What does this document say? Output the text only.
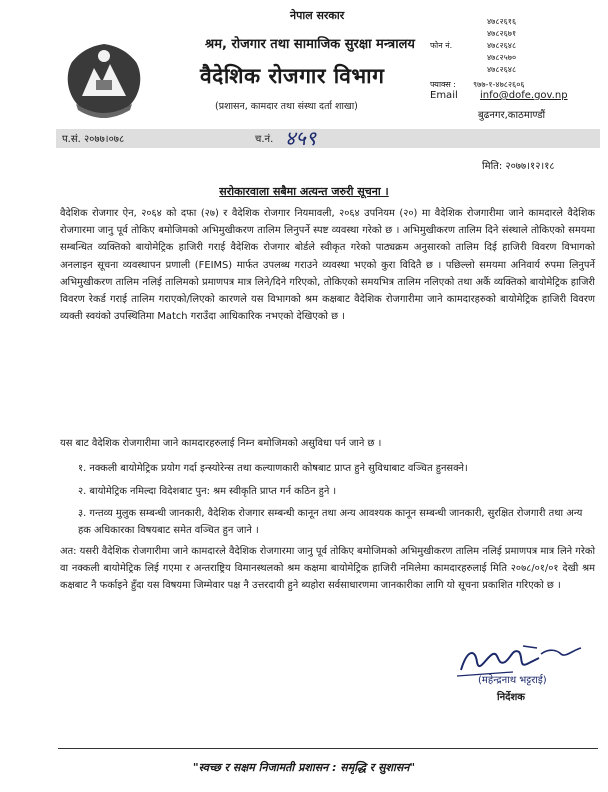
नेपाल सरकार
श्रम, रोजगार तथा सामाजिक सुरक्षा मन्त्रालय
वैदेशिक रोजगार विभाग
(प्रशासन, कामदार तथा संस्था दर्ता शाखा)
फोन नं.
४७८२६१६
४७८२६७१
४७८२६४८
४७८२५७०
४७८२६४८
फ्याक्स : ९७७-१-४७८२६०६
Email info@dofe.gov.np
बुढनगर,काठमाण्डौं
प.सं. २०७७।०७८	च.नं. ४५९
मिति: २०७७।१२।१८
सरोकारवाला सबैमा अत्यन्त जरुरी सूचना ।
वैदेशिक रोजगार ऐन, २०६४ को दफा (२७) र वैदेशिक रोजगार नियमावली, २०६४ उपनियम (२०) मा वैदेशिक रोजगारीमा जाने कामदारले वैदेशिक रोजगारमा जानु पूर्व तोकिए बमोजिमको अभिमुखीकरण तालिम लिनुपर्ने स्पष्ट व्यवस्था गरेको छ । अभिमुखीकरण तालिम दिने संस्थाले तोकिएको समयमा सम्बन्धित व्यक्तिको बायोमेट्रिक हाजिरी गराई वैदेशिक रोजगार बोर्डले स्वीकृत गरेको पाठ्यक्रम अनुसारको तालिम दिई हाजिरी विवरण विभागको अनलाइन सूचना व्यवस्थापन प्रणाली (FEIMS) मार्फत उपलब्ध गराउने व्यवस्था भएको कुरा विदितै छ । पछिल्लो समयमा अनिवार्य रुपमा लिनुपर्ने अभिमुखीकरण तालिम नलिई तालिमको प्रमाणपत्र मात्र लिने/दिने गरिएको, तोकिएको समयभित्र तालिम नलिएको तथा अर्कै व्यक्तिको बायोमेट्रिक हाजिरी विवरण रेकर्ड गराई तालिम गराएको/लिएको कारणले यस विभागको श्रम कक्षबाट वैदेशिक रोजगारीमा जाने कामदारहरुको बायोमेट्रिक हाजिरी विवरण व्यक्ती स्वयंको उपस्थितिमा Match गराउँदा आधिकारिक नभएको देखिएको छ ।
यस बाट वैदेशिक रोजगारीमा जाने कामदारहरुलाई निम्न बमोजिमको असुविधा पर्न जाने छ ।
१. नक्कली बायोमेट्रिक प्रयोग गर्दा इन्स्योरेन्स तथा कल्याणकारी कोषबाट प्राप्त हुने सुविधाबाट वञ्चित हुनसक्ने।
२. बायोमेट्रिक नमिल्दा विदेशबाट पुन: श्रम स्वीकृति प्राप्त गर्न कठिन हुने ।
३. गन्तव्य मुलुक सम्बन्धी जानकारी, वैदेशिक रोजगार सम्बन्धी कानून तथा अन्य आवश्यक कानून सम्बन्धी जानकारी, सुरक्षित रोजगारी तथा अन्य हक अधिकारका विषयबाट समेत वञ्चित हुन जाने ।
अत: यसरी वैदेशिक रोजगारीमा जाने कामदारले वैदेशिक रोजगारमा जानु पूर्व तोकिए बमोजिमको अभिमुखीकरण तालिम नलिई प्रमाणपत्र मात्र लिने गरेको वा नक्कली बायोमेट्रिक लिई गएमा र अन्तराष्ट्रिय विमानस्थलको श्रम कक्षमा बायोमेट्रिक हाजिरी नमिलेमा कामदारहरुलाई मिति २०७८/०१/०१ देखी श्रम कक्षबाट नै फर्काइने हुँदा यस विषयमा जिम्मेवार पक्ष नै उत्तरदायी हुने ब्यहोरा सर्वसाधारणमा जानकारीका लागि यो सूचना प्रकाशित गरिएको छ ।
(महेन्द्रनाथ भट्टराई)
निर्देशक
"स्वच्छ र सक्षम निजामती प्रशासन : समृद्धि र सुशासन"
